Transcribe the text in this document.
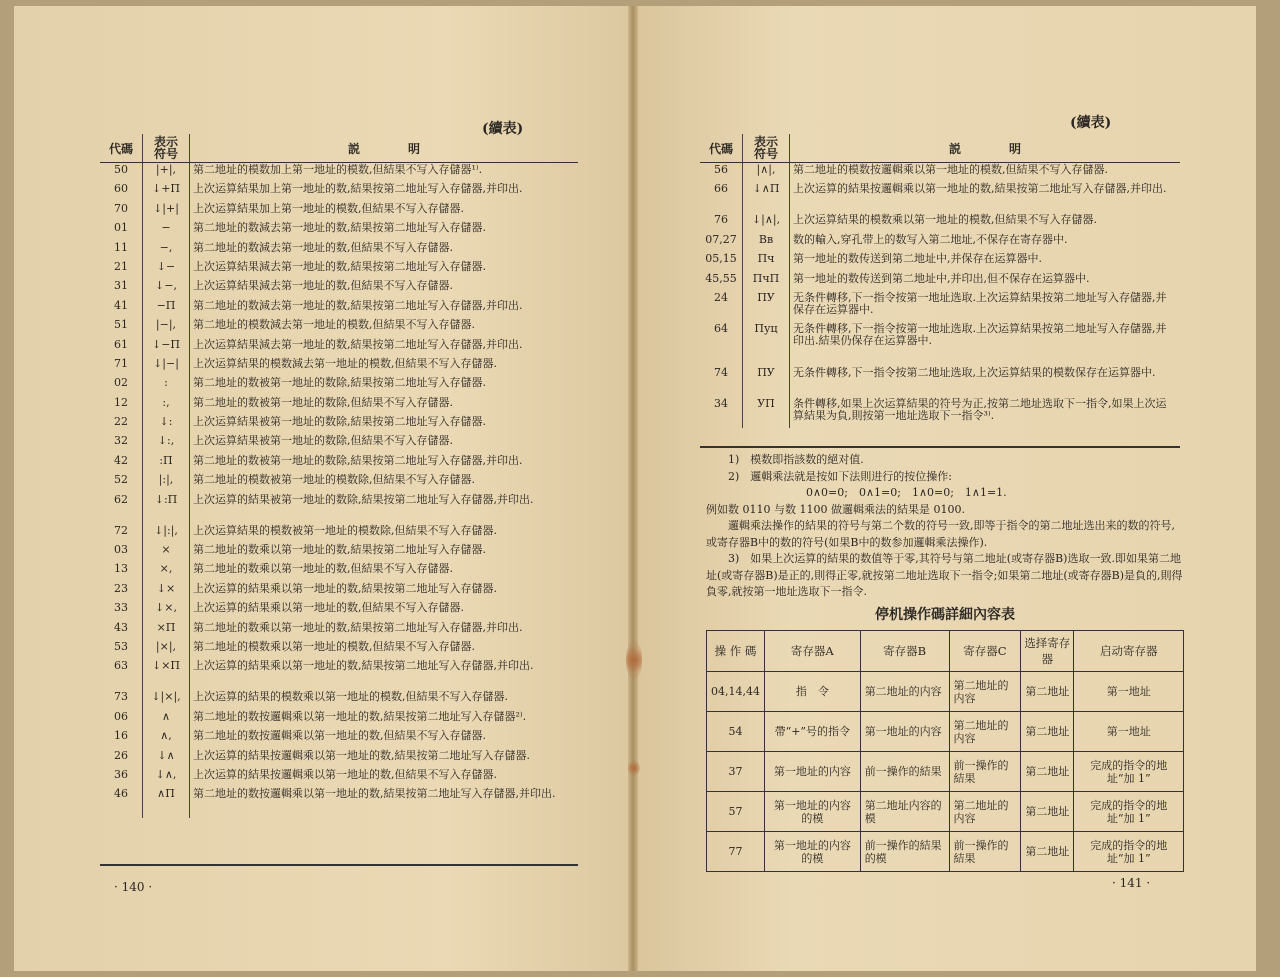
(續表)
代碼	表示
符号	説　　　　明
50	|+|,	第二地址的模数加上第一地址的模数,但結果不写入存儲器¹⁾.
60	↓+П	上次运算結果加上第一地址的数,結果按第二地址写入存儲器,并印出.
70	↓|+|	上次运算結果加上第一地址的模数,但結果不写入存儲器.
01	−	第二地址的数減去第一地址的数,結果按第二地址写入存儲器.
11	−,	第二地址的数減去第一地址的数,但結果不写入存儲器.
21	↓−	上次运算結果減去第一地址的数,結果按第二地址写入存儲器.
31	↓−,	上次运算結果減去第一地址的数,但結果不写入存儲器.
41	−П	第二地址的数減去第一地址的数,結果按第二地址写入存儲器,并印出.
51	|−|,	第二地址的模数減去第一地址的模数,但結果不写入存儲器.
61	↓−П	上次运算結果減去第一地址的数,結果按第二地址写入存儲器,并印出.
71	↓|−|	上次运算結果的模数減去第一地址的模数,但結果不写入存儲器.
02	:	第二地址的数被第一地址的数除,結果按第二地址写入存儲器.
12	:,	第二地址的数被第一地址的数除,但結果不写入存儲器.
22	↓:	上次运算結果被第一地址的数除,結果按第二地址写入存儲器.
32	↓:,	上次运算結果被第一地址的数除,但結果不写入存儲器.
42	:П	第二地址的数被第一地址的数除,結果按第二地址写入存儲器,并印出.
52	|:|,	第二地址的模数被第一地址的模数除,但結果不写入存儲器.
62	↓:П	上次运算的結果被第一地址的数除,結果按第二地址写入存儲器,并印出.
72	↓|:|,	上次运算結果的模数被第一地址的模数除,但結果不写入存儲器.
03	×	第二地址的数乘以第一地址的数,結果按第二地址写入存儲器.
13	×,	第二地址的数乘以第一地址的数,但結果不写入存儲器.
23	↓×	上次运算的結果乘以第一地址的数,結果按第二地址写入存儲器.
33	↓×,	上次运算的結果乘以第一地址的数,但結果不写入存儲器.
43	×П	第二地址的数乘以第一地址的数,結果按第二地址写入存儲器,并印出.
53	|×|,	第二地址的模数乘以第一地址的模数,但結果不写入存儲器.
63	↓×П	上次运算的結果乘以第一地址的数,結果按第二地址写入存儲器,并印出.
73	↓|×|,	上次运算的結果的模数乘以第一地址的模数,但結果不写入存儲器.
06	∧	第二地址的数按邏輯乘以第一地址的数,結果按第二地址写入存儲器²⁾.
16	∧,	第二地址的数按邏輯乘以第一地址的数,但結果不写入存儲器.
26	↓∧	上次运算的結果按邏輯乘以第一地址的数,結果按第二地址写入存儲器.
36	↓∧,	上次运算的結果按邏輯乘以第一地址的数,但結果不写入存儲器.
46	∧П	第二地址的数按邏輯乘以第一地址的数,結果按第二地址写入存儲器,并印出.
· 140 ·
(續表)
代碼	表示
符号	説　　　　明
56	|∧|,	第二地址的模数按邏輯乘以第一地址的模数,但結果不写入存儲器.
66	↓∧П	上次运算的結果按邏輯乘以第一地址的数,結果按第二地址写入存儲器,并印出.
76	↓|∧|,	上次运算結果的模数乘以第一地址的模数,但結果不写入存儲器.
07,27	Вв	数的輸入,穿孔带上的数写入第二地址,不保存在寄存器中.
05,15	Пч	第一地址的数传送到第二地址中,并保存在运算器中.
45,55	ПчП	第一地址的数传送到第二地址中,并印出,但不保存在运算器中.
24	ПУ	无条件轉移,下一指令按第一地址选取.上次运算結果按第二地址写入存儲器,并保存在运算器中.
64	Пуц	无条件轉移,下一指令按第一地址选取.上次运算結果按第二地址写入存儲器,并印出.結果仍保存在运算器中.
74	ПУ	无条件轉移,下一指令按第二地址选取,上次运算結果的模数保存在运算器中.
34	УП	条件轉移,如果上次运算結果的符号为正,按第二地址选取下一指令,如果上次运算結果为負,則按第一地址选取下一指令³⁾.

1)　模数即指該数的絕对值.

2)　邏輯乘法就是按如下法則进行的按位操作:

0∧0=0;　0∧1=0;　1∧0=0;　1∧1=1.

例如数 0110 与数 1100 做邏輯乘法的結果是 0100.

邏輯乘法操作的結果的符号与第二个数的符号一致,即等于指令的第二地址选出来的数的符号,或寄存器B中的数的符号(如果B中的数参加邏輯乘法操作).

3)　如果上次运算的結果的数值等于零,其符号与第二地址(或寄存器B)选取一致.即如果第二地址(或寄存器B)是正的,則得正零,就按第二地址选取下一指令;如果第二地址(或寄存器B)是負的,則得負零,就按第一地址选取下一指令.

停机操作碼詳細內容表
操 作 碼	寄存器A	寄存器B	寄存器C	选择寄存器	启动寄存器
04,14,44	指　令	第二地址的内容	第二地址的内容	第二地址	第一地址
54	帶“+”号的指令	第一地址的内容	第二地址的内容	第二地址	第一地址
37	第一地址的内容	前一操作的結果	前一操作的結果	第二地址	完成的指令的地址“加 1”
57	第一地址的内容的模	第二地址内容的模	第二地址的内容	第二地址	完成的指令的地址“加 1”
77	第一地址的内容的模	前一操作的結果的模	前一操作的結果	第二地址	完成的指令的地址“加 1”
· 141 ·
